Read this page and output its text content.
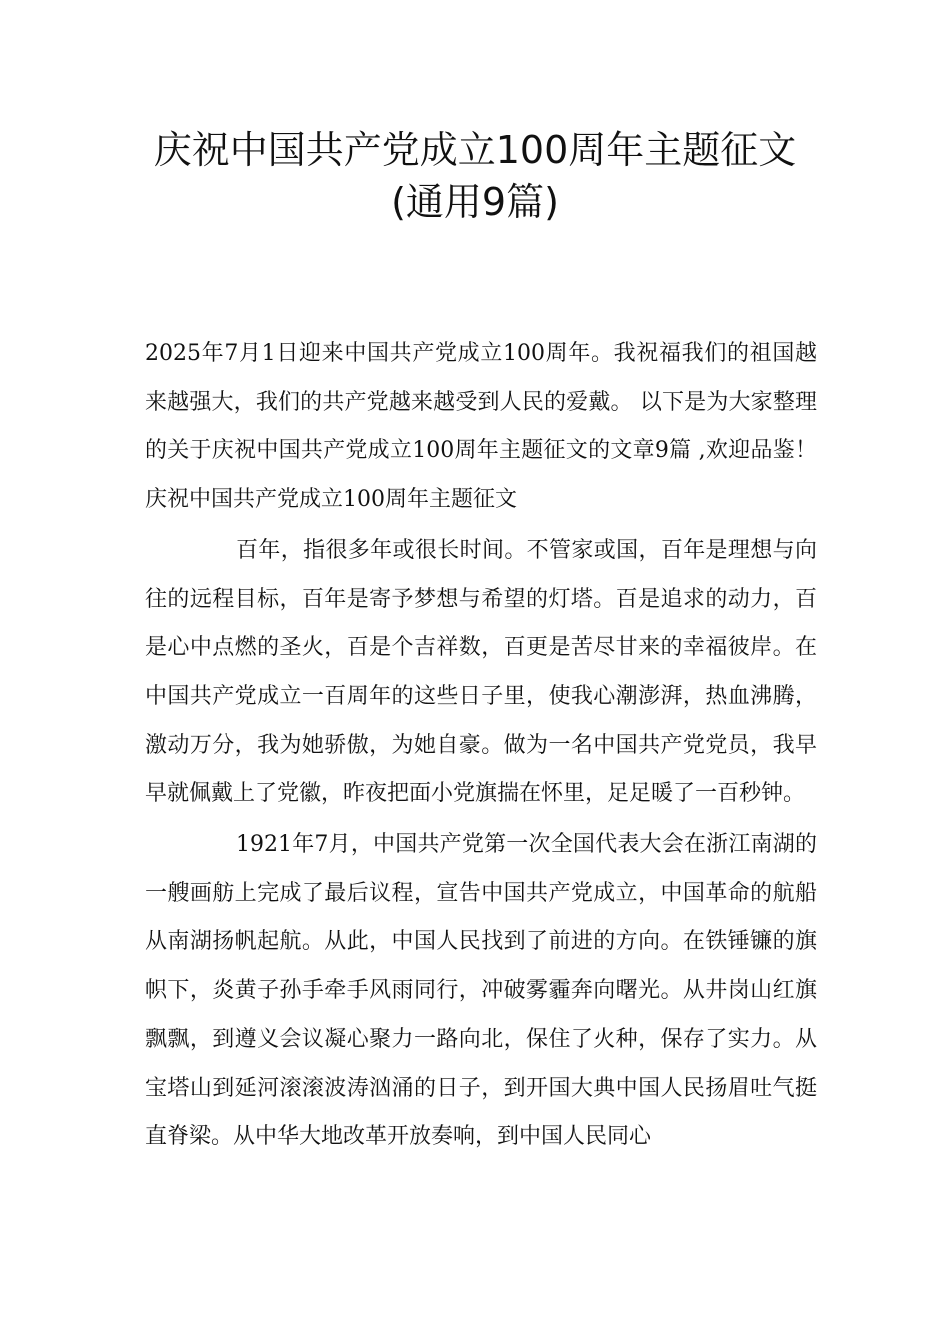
庆祝中国共产党成立100周年主题征文
(通用9篇)

2025年7月1日迎来中国共产党成立100周年。我祝福我们的祖国越来越强大，我们的共产党越来越受到人民的爱戴。 以下是为大家整理的关于庆祝中国共产党成立100周年主题征文的文章9篇 ,欢迎品鉴！庆祝中国共产党成立100周年主题征文

百年，指很多年或很长时间。不管家或国，百年是理想与向往的远程目标，百年是寄予梦想与希望的灯塔。百是追求的动力，百是心中点燃的圣火，百是个吉祥数，百更是苦尽甘来的幸福彼岸。在中国共产党成立一百周年的这些日子里，使我心潮澎湃，热血沸腾，激动万分，我为她骄傲，为她自豪。做为一名中国共产党党员，我早早就佩戴上了党徽，昨夜把面小党旗揣在怀里，足足暖了一百秒钟。

1921年7月，中国共产党第一次全国代表大会在浙江南湖的一艘画舫上完成了最后议程，宣告中国共产党成立，中国革命的航船从南湖扬帆起航。从此，中国人民找到了前进的方向。在铁锤镰的旗帜下，炎黄子孙手牵手风雨同行，冲破雾霾奔向曙光。从井岗山红旗飘飘，到遵义会议凝心聚力一路向北，保住了火种，保存了实力。从宝塔山到延河滚滚波涛汹涌的日子，到开国大典中国人民扬眉吐气挺直脊梁。从中华大地改革开放奏响，到中国人民同心
